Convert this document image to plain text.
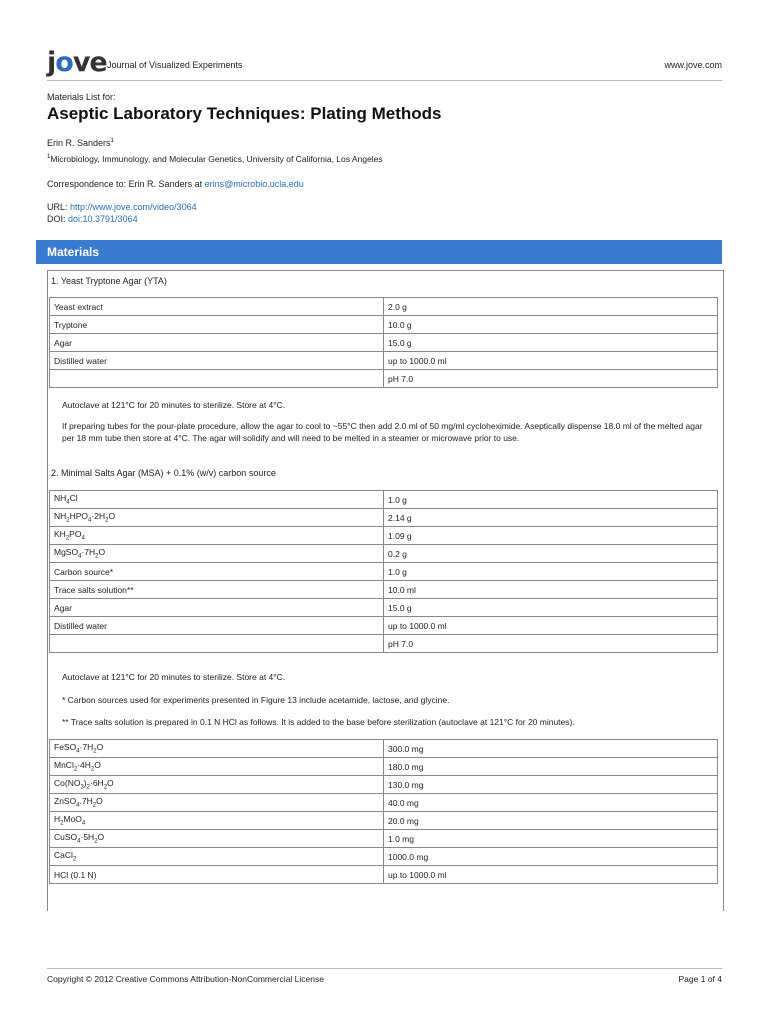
jove Journal of Visualized Experiments	www.jove.com
Materials List for:
Aseptic Laboratory Techniques: Plating Methods
Erin R. Sanders$^1$
$^1$Microbiology, Immunology, and Molecular Genetics, University of California, Los Angeles
Correspondence to: Erin R. Sanders at erins@microbio.ucla.edu
URL: http://www.jove.com/video/3064
DOI: doi:10.3791/3064
Materials
1. Yeast Tryptone Agar (YTA)
Yeast extract	2.0 g
Tryptone	10.0 g
Agar	15.0 g
Distilled water	up to 1000.0 ml
	pH 7.0
Autoclave at 121°C for 20 minutes to sterilize. Store at 4°C.
If preparing tubes for the pour-plate procedure, allow the agar to cool to ~55°C then add 2.0 ml of 50 mg/ml cycloheximide. Aseptically dispense 18.0 ml of the melted agar per 18 mm tube then store at 4°C. The agar will solidify and will need to be melted in a steamer or microwave prior to use.
2. Minimal Salts Agar (MSA) + 0.1% (w/v) carbon source
$NH_4Cl$	1.0 g
$NH_2HPO_4\cdot 2H_2O$	2.14 g
$KH_2PO_4$	1.09 g
$MgSO_4\cdot 7H_2O$	0.2 g
Carbon source*	1.0 g
Trace salts solution**	10.0 ml
Agar	15.0 g
Distilled water	up to 1000.0 ml
	pH 7.0
Autoclave at 121°C for 20 minutes to sterilize. Store at 4°C.
* Carbon sources used for experiments presented in Figure 13 include acetamide, lactose, and glycine.
** Trace salts solution is prepared in 0.1 N HCl as follows. It is added to the base before sterilization (autoclave at 121°C for 20 minutes).
$FeSO_4\cdot 7H_2O$	300.0 mg
$MnCl_2\cdot 4H_2O$	180.0 mg
$Co(NO_3)_2\cdot 6H_2O$	130.0 mg
$ZnSO_4.7H_2O$	40.0 mg
$H_2MoO_4$	20.0 mg
$CuSO_4\cdot 5H_2O$	1.0 mg
CaCl$_2$	1000.0 mg
HCl (0.1 N)	up to 1000.0 ml
Copyright © 2012 Creative Commons Attribution-NonCommercial License	Page 1 of 4
